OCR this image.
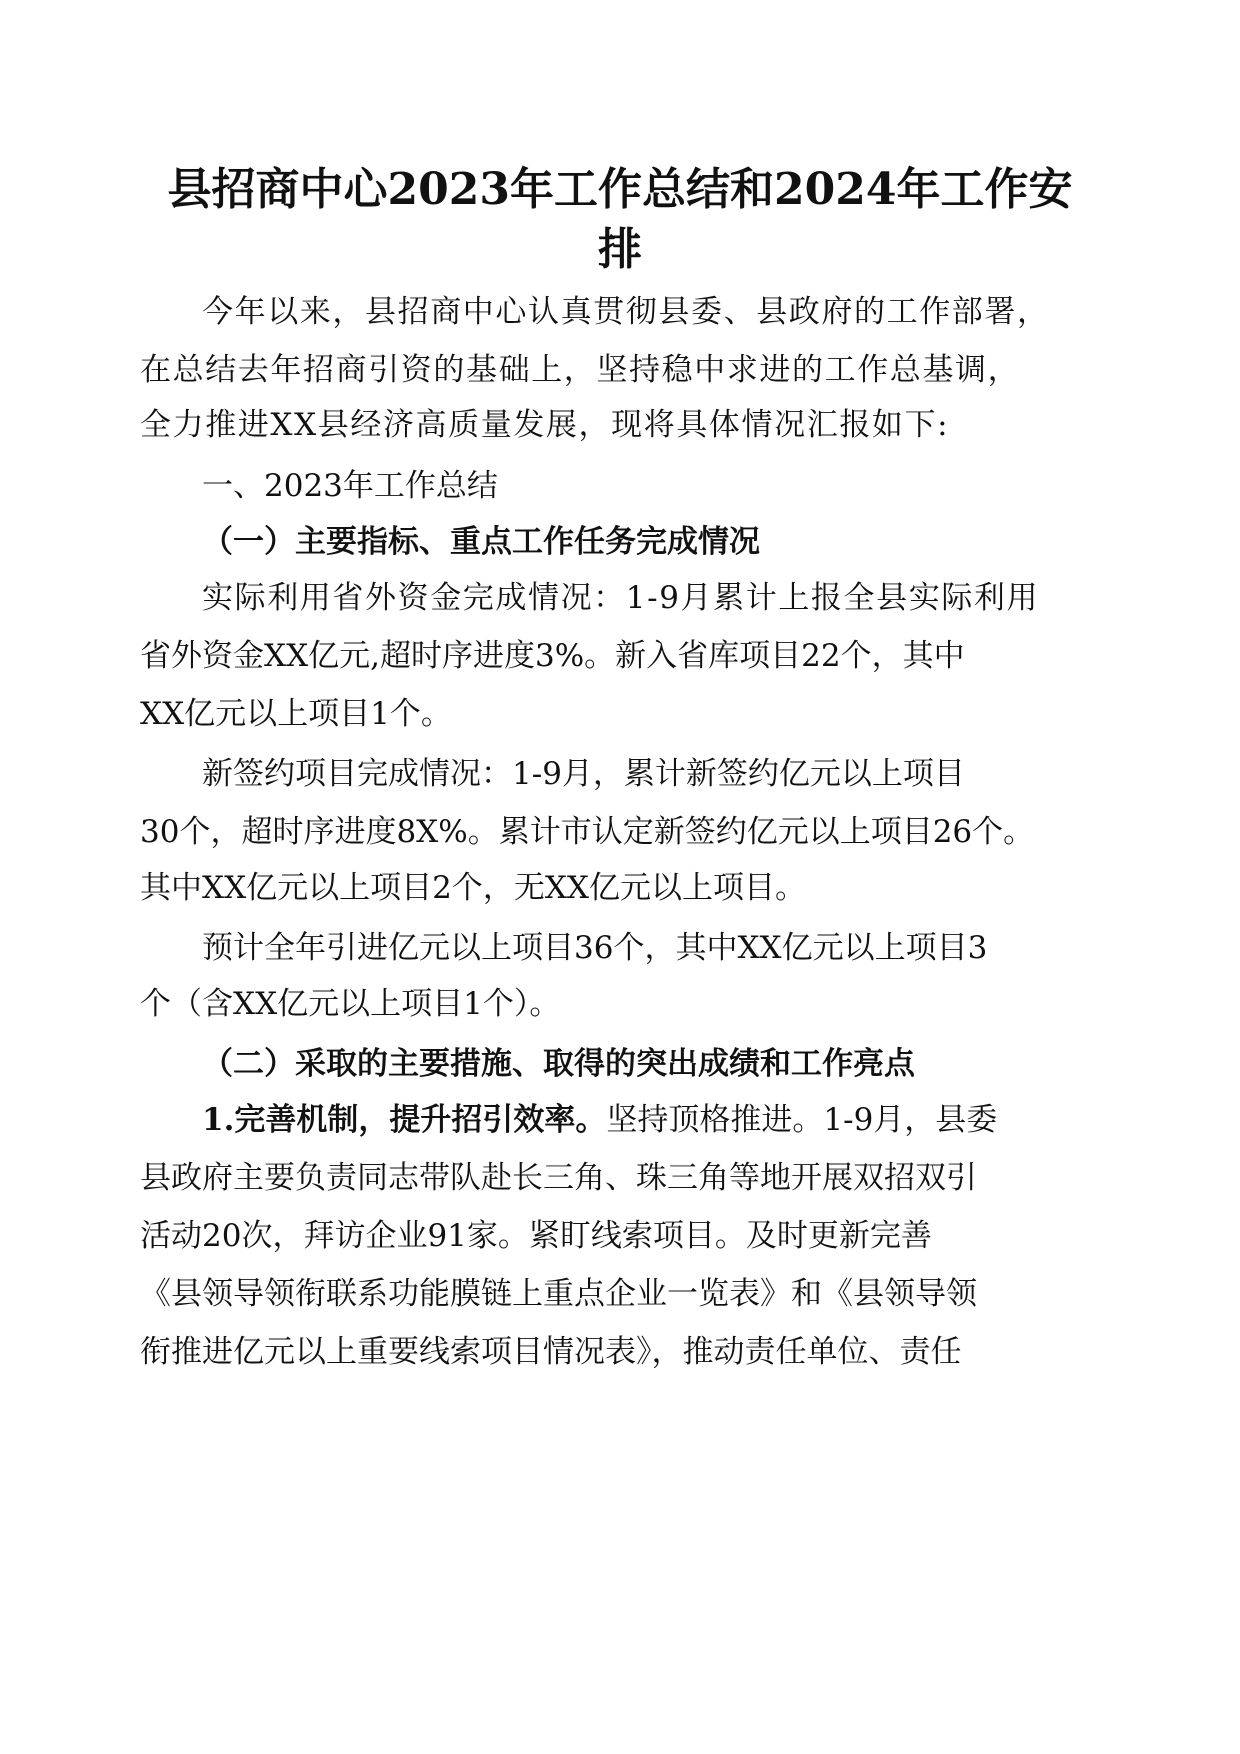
县招商中心2023年工作总结和2024年工作安
排

今年以来，县招商中心认真贯彻县委、县政府的工作部署，

在总结去年招商引资的基础上，坚持稳中求进的工作总基调，

全力推进XX县经济高质量发展，现将具体情况汇报如下:

一、2023年工作总结

（一）主要指标、重点工作任务完成情况

实际利用省外资金完成情况：1-9月累计上报全县实际利用

省外资金XX亿元,超时序进度3%。新入省库项目22个，其中

XX亿元以上项目1个。

新签约项目完成情况：1-9月，累计新签约亿元以上项目

30个，超时序进度8X%。累计市认定新签约亿元以上项目26个。

其中XX亿元以上项目2个，无XX亿元以上项目。

预计全年引进亿元以上项目36个，其中XX亿元以上项目3

个（含XX亿元以上项目1个）。

（二）采取的主要措施、取得的突出成绩和工作亮点

1.完善机制，提升招引效率。坚持顶格推进。1-9月，县委

县政府主要负责同志带队赴长三角、珠三角等地开展双招双引

活动20次，拜访企业91家。紧盯线索项目。及时更新完善

《县领导领衔联系功能膜链上重点企业一览表》和《县领导领

衔推进亿元以上重要线索项目情况表》，推动责任单位、责任
